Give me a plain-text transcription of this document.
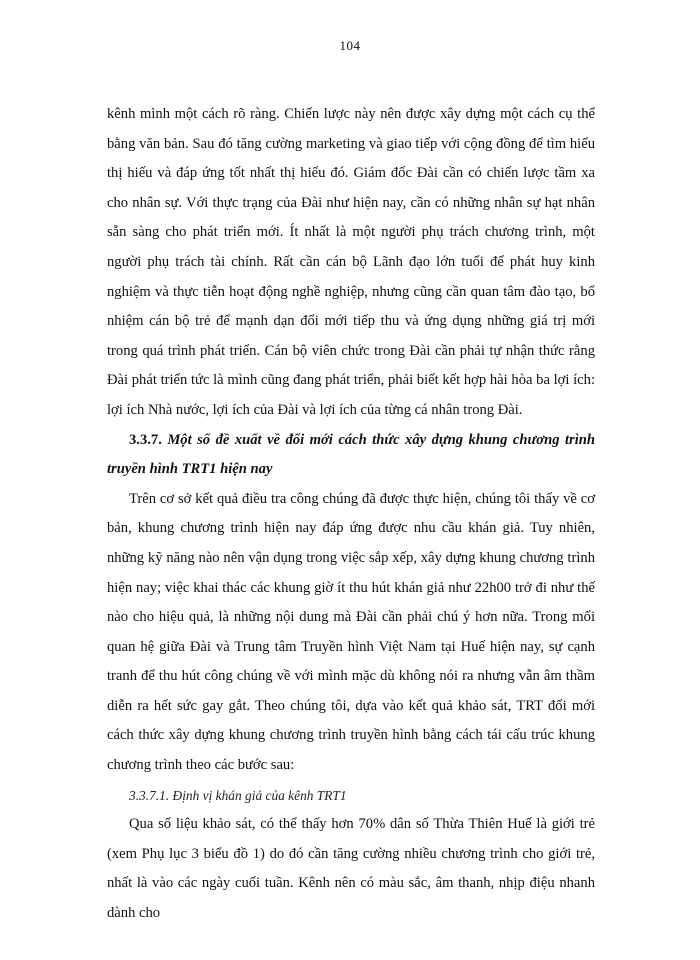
104

kênh mình một cách rõ ràng. Chiến lược này nên được xây dựng một cách cụ thể bằng văn bản. Sau đó tăng cường marketing và giao tiếp với cộng đồng để tìm hiểu thị hiếu và đáp ứng tốt nhất thị hiếu đó. Giám đốc Đài cần có chiến lược tầm xa cho nhân sự. Với thực trạng của Đài như hiện nay, cần có những nhân sự hạt nhân sẵn sàng cho phát triển mới. Ít nhất là một người phụ trách chương trình, một người phụ trách tài chính. Rất cần cán bộ Lãnh đạo lớn tuổi để phát huy kinh nghiệm và thực tiễn hoạt động nghề nghiệp, nhưng cũng cần quan tâm đào tạo, bổ nhiệm cán bộ trẻ để mạnh dạn đổi mới tiếp thu và ứng dụng những giá trị mới trong quá trình phát triển. Cán bộ viên chức trong Đài cần phải tự nhận thức rằng Đài phát triển tức là mình cũng đang phát triển, phải biết kết hợp hài hòa ba lợi ích: lợi ích Nhà nước, lợi ích của Đài và lợi ích của từng cá nhân trong Đài.

3.3.7. Một số đề xuất về đổi mới cách thức xây dựng khung chương trình truyền hình TRT1 hiện nay

Trên cơ sở kết quả điều tra công chúng đã được thực hiện, chúng tôi thấy về cơ bản, khung chương trình hiện nay đáp ứng được nhu cầu khán giả. Tuy nhiên, những kỹ năng nào nên vận dụng trong việc sắp xếp, xây dựng khung chương trình hiện nay; việc khai thác các khung giờ ít thu hút khán giả như 22h00 trở đi như thế nào cho hiệu quả, là những nội dung mà Đài cần phải chú ý hơn nữa. Trong mối quan hệ giữa Đài và Trung tâm Truyền hình Việt Nam tại Huế hiện nay, sự cạnh tranh để thu hút công chúng về với mình mặc dù không nói ra nhưng vẫn âm thầm diễn ra hết sức gay gắt. Theo chúng tôi, dựa vào kết quả khảo sát, TRT đổi mới cách thức xây dựng khung chương trình truyền hình bằng cách tái cấu trúc khung chương trình theo các bước sau:

3.3.7.1. Định vị khán giả của kênh TRT1

Qua số liệu khảo sát, có thể thấy hơn 70% dân số Thừa Thiên Huế là giới trẻ (xem Phụ lục 3 biểu đồ 1) do đó cần tăng cường nhiều chương trình cho giới trẻ, nhất là vào các ngày cuối tuần. Kênh nên có màu sắc, âm thanh, nhịp điệu nhanh dành cho
